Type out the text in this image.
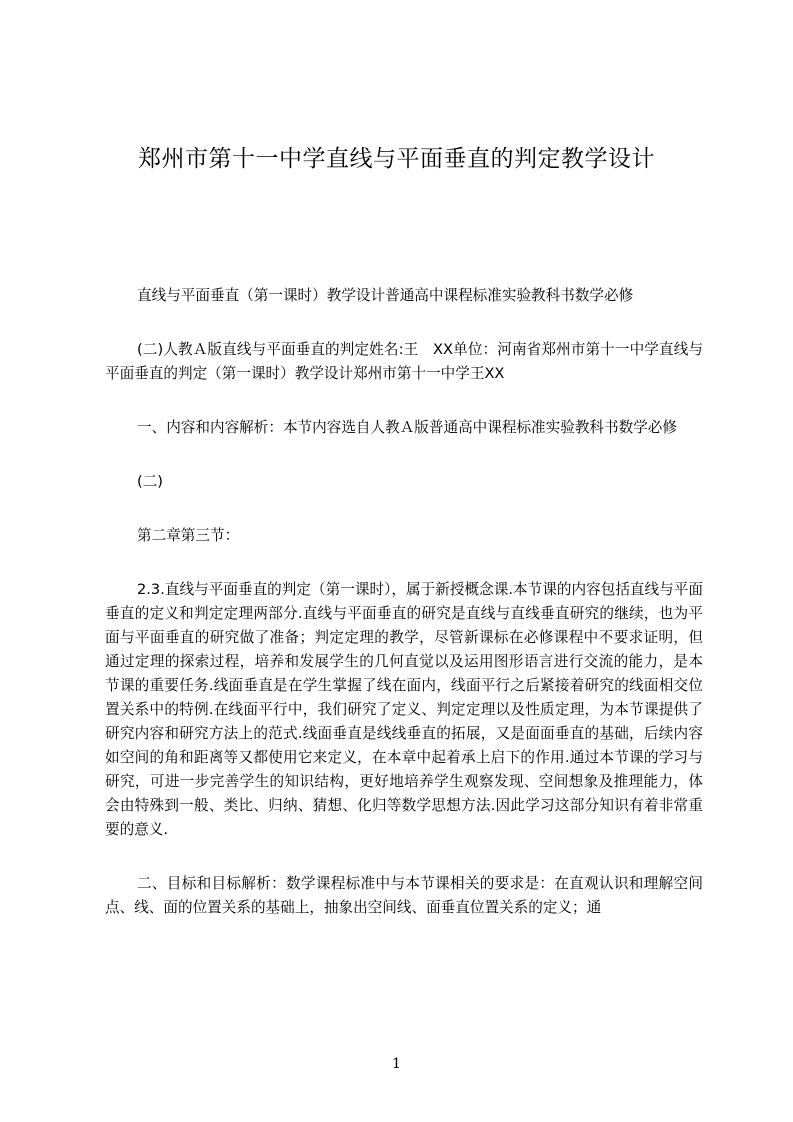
郑州市第十一中学直线与平面垂直的判定教学设计

直线与平面垂直（第一课时）教学设计普通高中课程标准实验教科书数学必修

(二)人教Ａ版直线与平面垂直的判定姓名:王　XX单位：河南省郑州市第十一中学直线与平面垂直的判定（第一课时）教学设计郑州市第十一中学王XX

一、内容和内容解析：本节内容选自人教Ａ版普通高中课程标准实验教科书数学必修

(二)

第二章第三节：

2.3.直线与平面垂直的判定（第一课时），属于新授概念课.本节课的内容包括直线与平面垂直的定义和判定定理两部分.直线与平面垂直的研究是直线与直线垂直研究的继续，也为平面与平面垂直的研究做了准备；判定定理的教学，尽管新课标在必修课程中不要求证明，但通过定理的探索过程，培养和发展学生的几何直觉以及运用图形语言进行交流的能力，是本节课的重要任务.线面垂直是在学生掌握了线在面内，线面平行之后紧接着研究的线面相交位置关系中的特例.在线面平行中，我们研究了定义、判定定理以及性质定理，为本节课提供了研究内容和研究方法上的范式.线面垂直是线线垂直的拓展，又是面面垂直的基础，后续内容如空间的角和距离等又都使用它来定义，在本章中起着承上启下的作用.通过本节课的学习与研究，可进一步完善学生的知识结构，更好地培养学生观察发现、空间想象及推理能力，体会由特殊到一般、类比、归纳、猜想、化归等数学思想方法.因此学习这部分知识有着非常重要的意义.

二、目标和目标解析：数学课程标准中与本节课相关的要求是：在直观认识和理解空间点、线、面的位置关系的基础上，抽象出空间线、面垂直位置关系的定义；通

1
